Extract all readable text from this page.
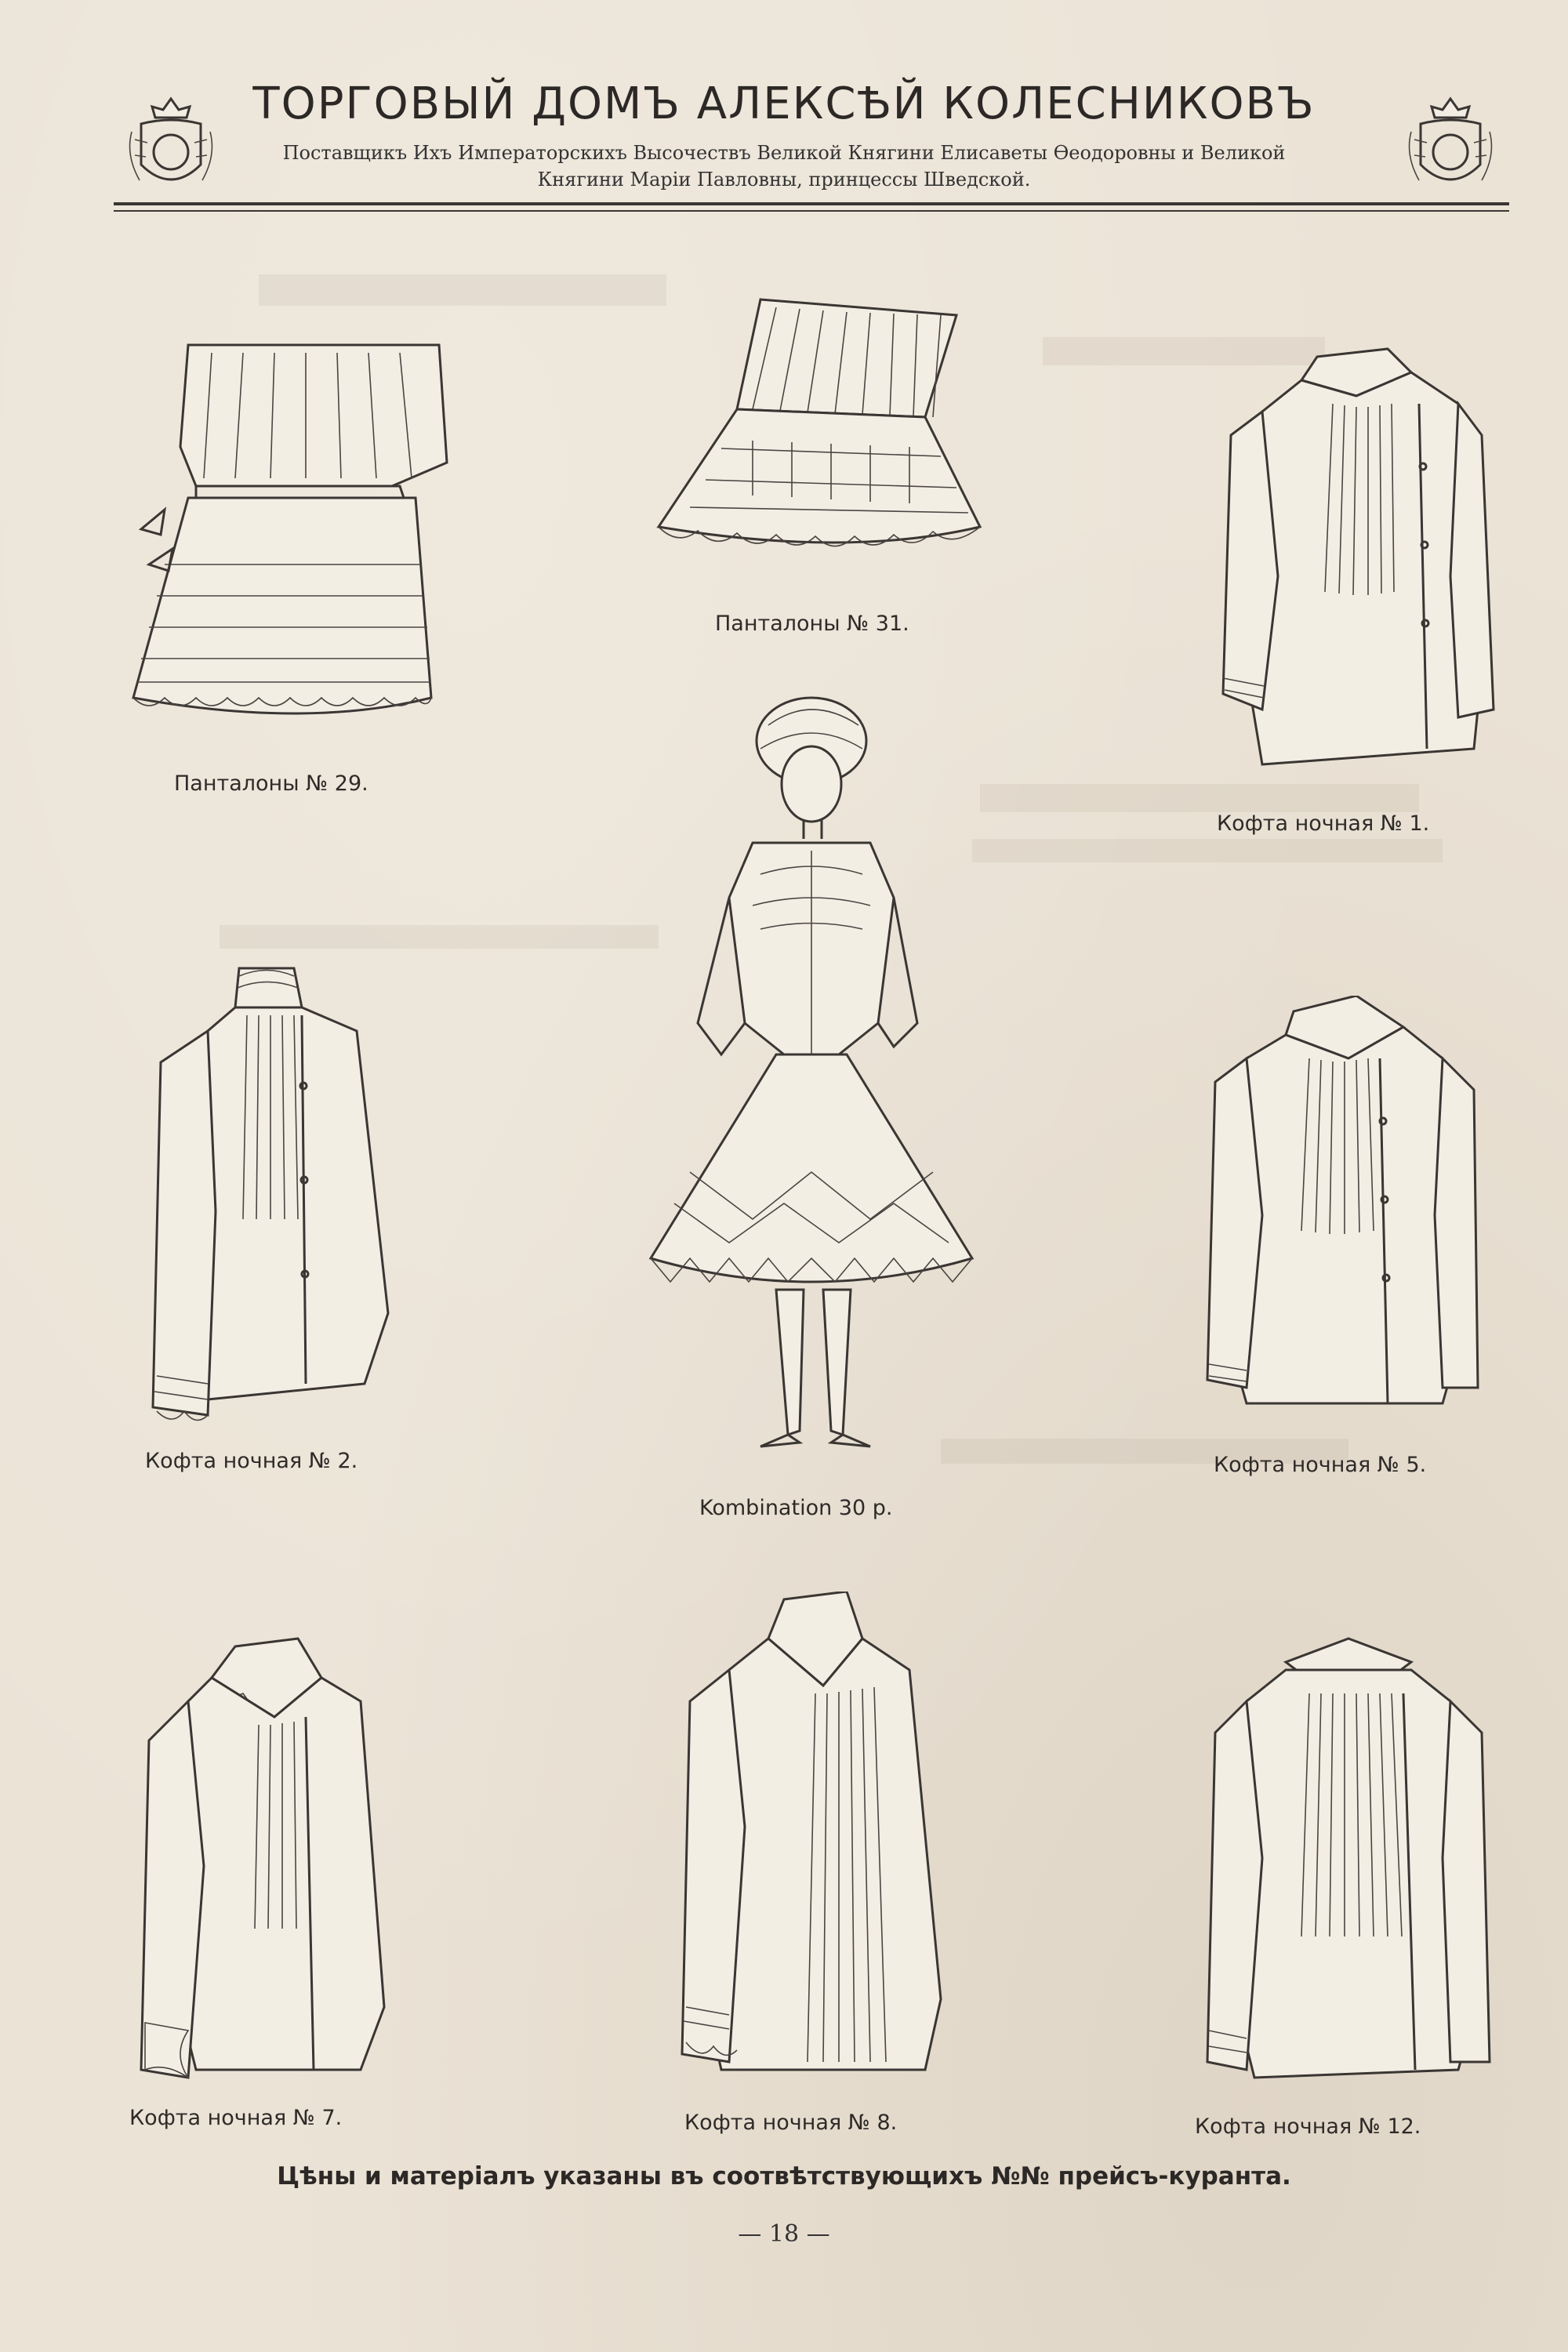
ТОРГОВЫЙ ДОМЪ АЛЕКСѢЙ КОЛЕСНИКОВЪ
Поставщикъ Ихъ Императорскихъ Высочествъ Великой Княгини Елисаветы Ѳеодоровны и Великой
Княгини Маріи Павловны, принцессы Шведской.
Панталоны № 29.
Панталоны № 31.
Кофта ночная № 1.
Кофта ночная № 2.
Kombination 30 p.
Кофта ночная № 5.
Кофта ночная № 7.	Кофта ночная № 8.	Кофта ночная № 12.
Цѣны и матеріалъ указаны въ соотвѣтствующихъ №№ прейсъ-куранта.
— 18 —
